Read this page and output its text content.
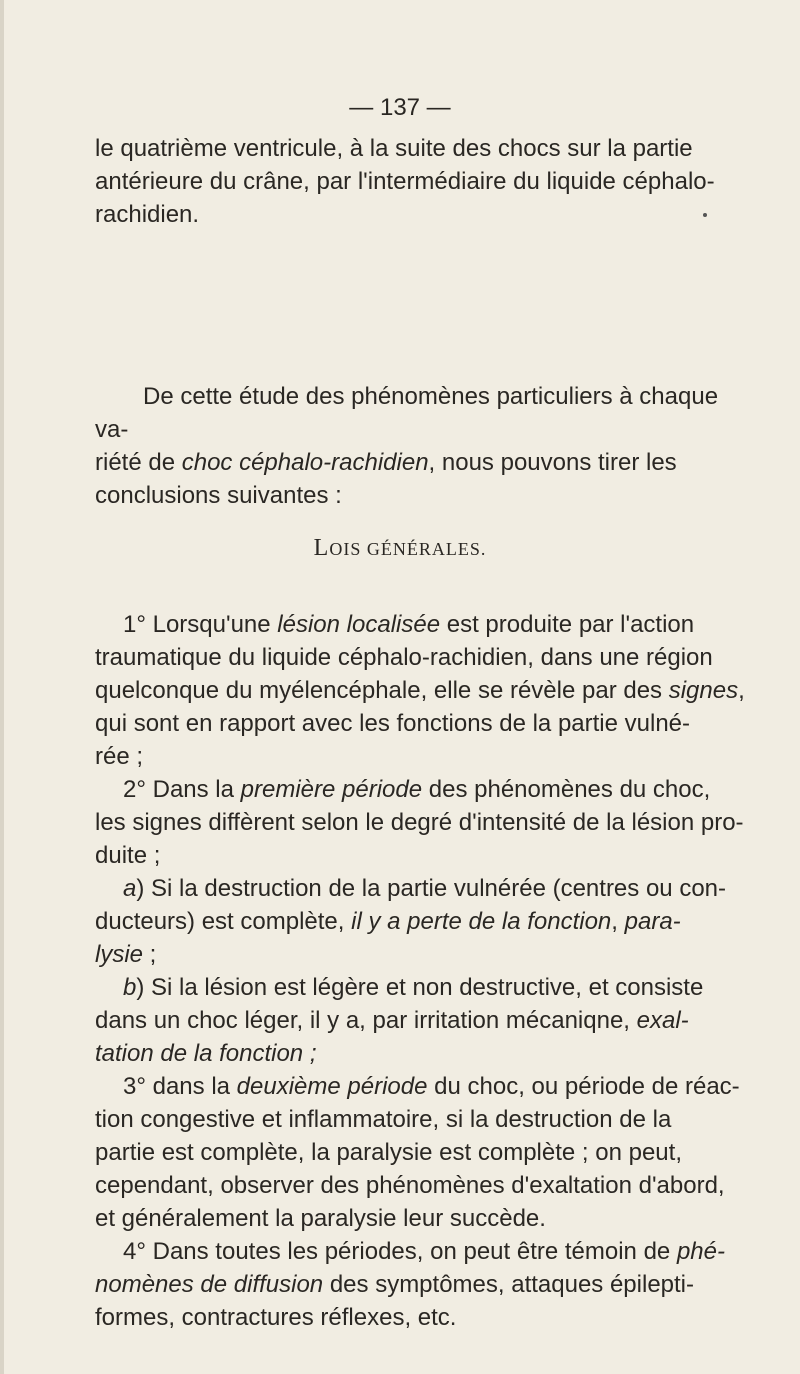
— 137 —
le quatrième ventricule, à la suite des chocs sur la partie
antérieure du crâne, par l'intermédiaire du liquide céphalo-
rachidien.
De cette étude des phénomènes particuliers à chaque va-
riété de choc céphalo-rachidien, nous pouvons tirer les
conclusions suivantes :
LOIS GÉNÉRALES.
1° Lorsqu'une lésion localisée est produite par l'action
traumatique du liquide céphalo-rachidien, dans une région
quelconque du myélencéphale, elle se révèle par des signes,
qui sont en rapport avec les fonctions de la partie vulné-
rée ;
2° Dans la première période des phénomènes du choc,
les signes diffèrent selon le degré d'intensité de la lésion pro-
duite ;
a) Si la destruction de la partie vulnérée (centres ou con-
ducteurs) est complète, il y a perte de la fonction, para-
lysie ;
b) Si la lésion est légère et non destructive, et consiste
dans un choc léger, il y a, par irritation mécaniqne, exal-
tation de la fonction ;
3° dans la deuxième période du choc, ou période de réac-
tion congestive et inflammatoire, si la destruction de la
partie est complète, la paralysie est complète ; on peut,
cependant, observer des phénomènes d'exaltation d'abord,
et généralement la paralysie leur succède.
4° Dans toutes les périodes, on peut être témoin de phé-
nomènes de diffusion des symptômes, attaques épilepti-
formes, contractures réflexes, etc.
